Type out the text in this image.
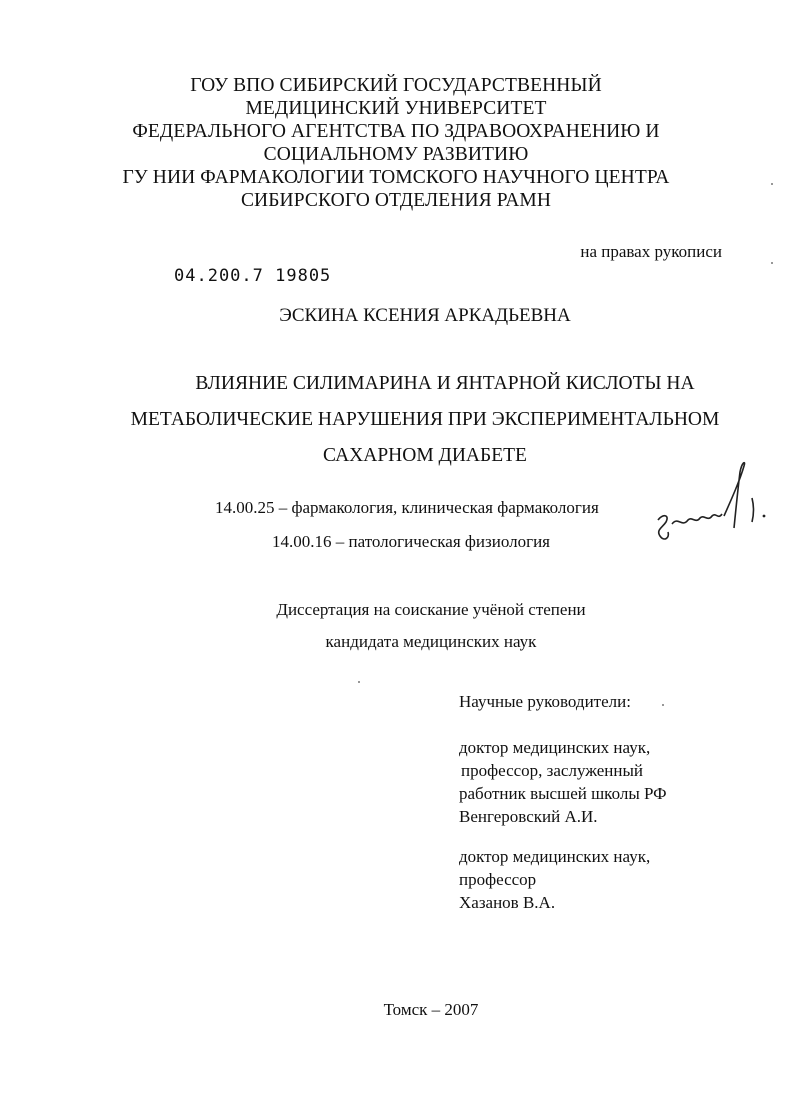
ГОУ ВПО СИБИРСКИЙ ГОСУДАРСТВЕННЫЙ
МЕДИЦИНСКИЙ УНИВЕРСИТЕТ
ФЕДЕРАЛЬНОГО АГЕНТСТВА ПО ЗДРАВООХРАНЕНИЮ И
СОЦИАЛЬНОМУ РАЗВИТИЮ
ГУ НИИ ФАРМАКОЛОГИИ ТОМСКОГО НАУЧНОГО ЦЕНТРА
СИБИРСКОГО ОТДЕЛЕНИЯ РАМН
на правах рукописи
04.200.7 19805
ЭСКИНА КСЕНИЯ АРКАДЬЕВНА
ВЛИЯНИЕ СИЛИМАРИНА И ЯНТАРНОЙ КИСЛОТЫ НА
МЕТАБОЛИЧЕСКИЕ НАРУШЕНИЯ ПРИ ЭКСПЕРИМЕНТАЛЬНОМ
САХАРНОМ ДИАБЕТЕ
14.00.25 – фармакология, клиническая фармакология
14.00.16 – патологическая физиология
Диссертация на соискание учёной степени
кандидата медицинских наук
Научные руководители:
доктор медицинских наук,
профессор, заслуженный
работник высшей школы РФ
Венгеровский А.И.
доктор медицинских наук,
профессор
Хазанов В.А.
Томск – 2007
